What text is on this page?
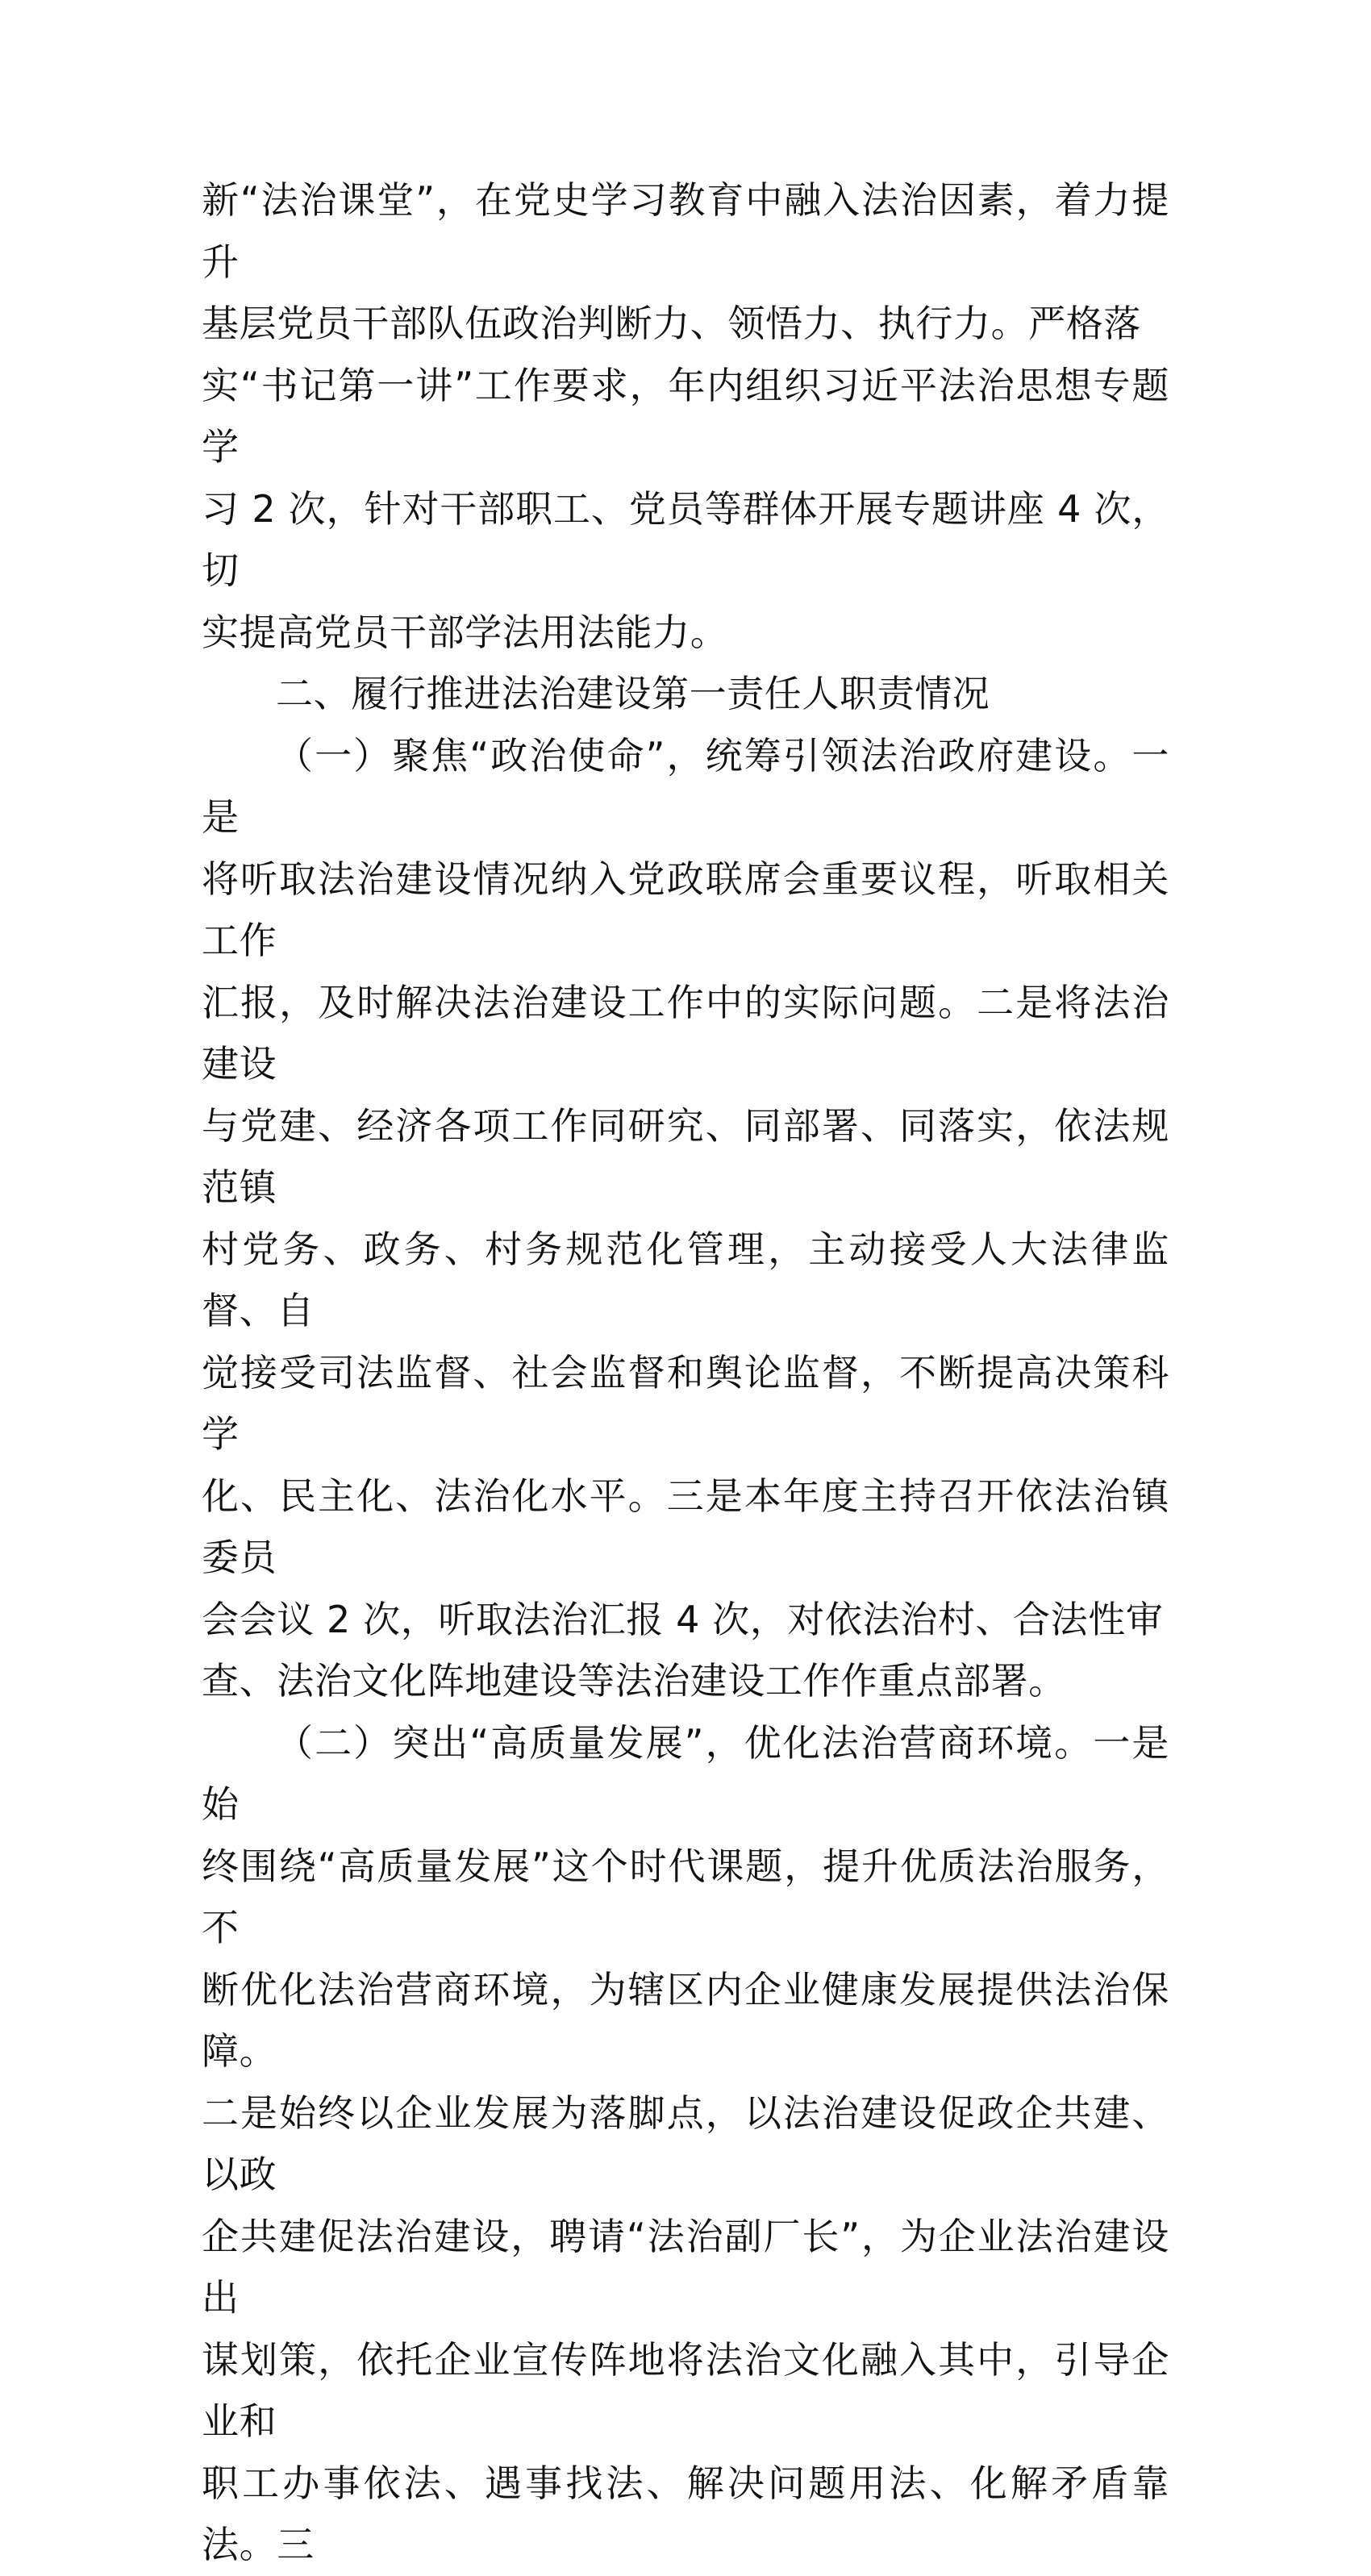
新“法治课堂”，在党史学习教育中融入法治因素，着力提升
基层党员干部队伍政治判断力、领悟力、执行力。严格落
实“书记第一讲”工作要求，年内组织习近平法治思想专题学
习 2 次，针对干部职工、党员等群体开展专题讲座 4 次，切
实提高党员干部学法用法能力。

二、履行推进法治建设第一责任人职责情况

（一）聚焦“政治使命”，统筹引领法治政府建设。一是
将听取法治建设情况纳入党政联席会重要议程，听取相关工作
汇报，及时解决法治建设工作中的实际问题。二是将法治建设
与党建、经济各项工作同研究、同部署、同落实，依法规范镇
村党务、政务、村务规范化管理，主动接受人大法律监督、自
觉接受司法监督、社会监督和舆论监督，不断提高决策科学
化、民主化、法治化水平。三是本年度主持召开依法治镇委员
会会议 2 次，听取法治汇报 4 次，对依法治村、合法性审
查、法治文化阵地建设等法治建设工作作重点部署。

（二）突出“高质量发展”，优化法治营商环境。一是始
终围绕“高质量发展”这个时代课题，提升优质法治服务，不
断优化法治营商环境，为辖区内企业健康发展提供法治保障。
二是始终以企业发展为落脚点，以法治建设促政企共建、以政
企共建促法治建设，聘请“法治副厂长”，为企业法治建设出
谋划策，依托企业宣传阵地将法治文化融入其中，引导企业和
职工办事依法、遇事找法、解决问题用法、化解矛盾靠法。三
